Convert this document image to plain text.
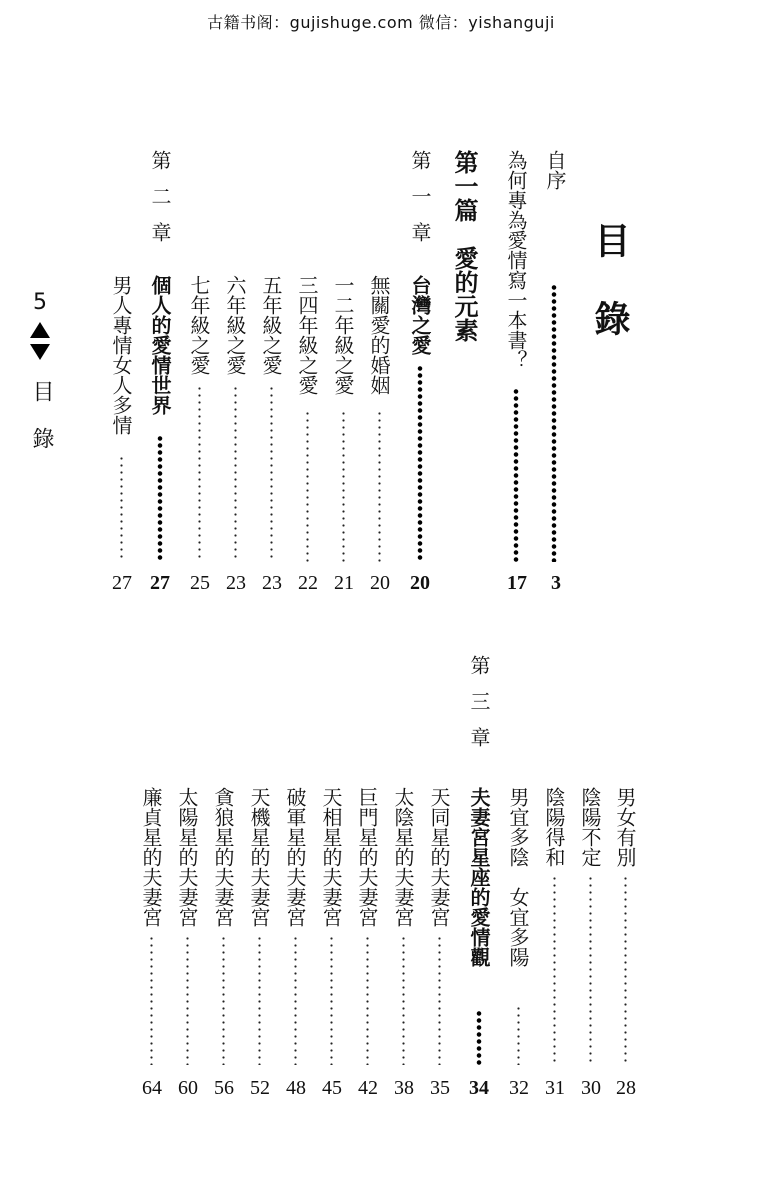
古籍书阁：gujishuge.com 微信：yishanguji
5
目 錄
目 錄
自序
3
為何專為愛情寫一本書？
17
第一篇　愛的元素
第一章
台灣之愛
20
無關愛的婚姻
20
一二年級之愛
21
三四年級之愛
22
五年級之愛
23
六年級之愛
23
七年級之愛
25
第二章
個人的愛情世界
27
男人專情女人多情
27
男女有別
28
陰陽不定
30
陰陽得和
31
男宜多陰　女宜多陽
32
第三章
夫妻宮星座的愛情觀
34
天同星的夫妻宮
35
太陰星的夫妻宮
38
巨門星的夫妻宮
42
天相星的夫妻宮
45
破軍星的夫妻宮
48
天機星的夫妻宮
52
貪狼星的夫妻宮
56
太陽星的夫妻宮
60
廉貞星的夫妻宮
64
